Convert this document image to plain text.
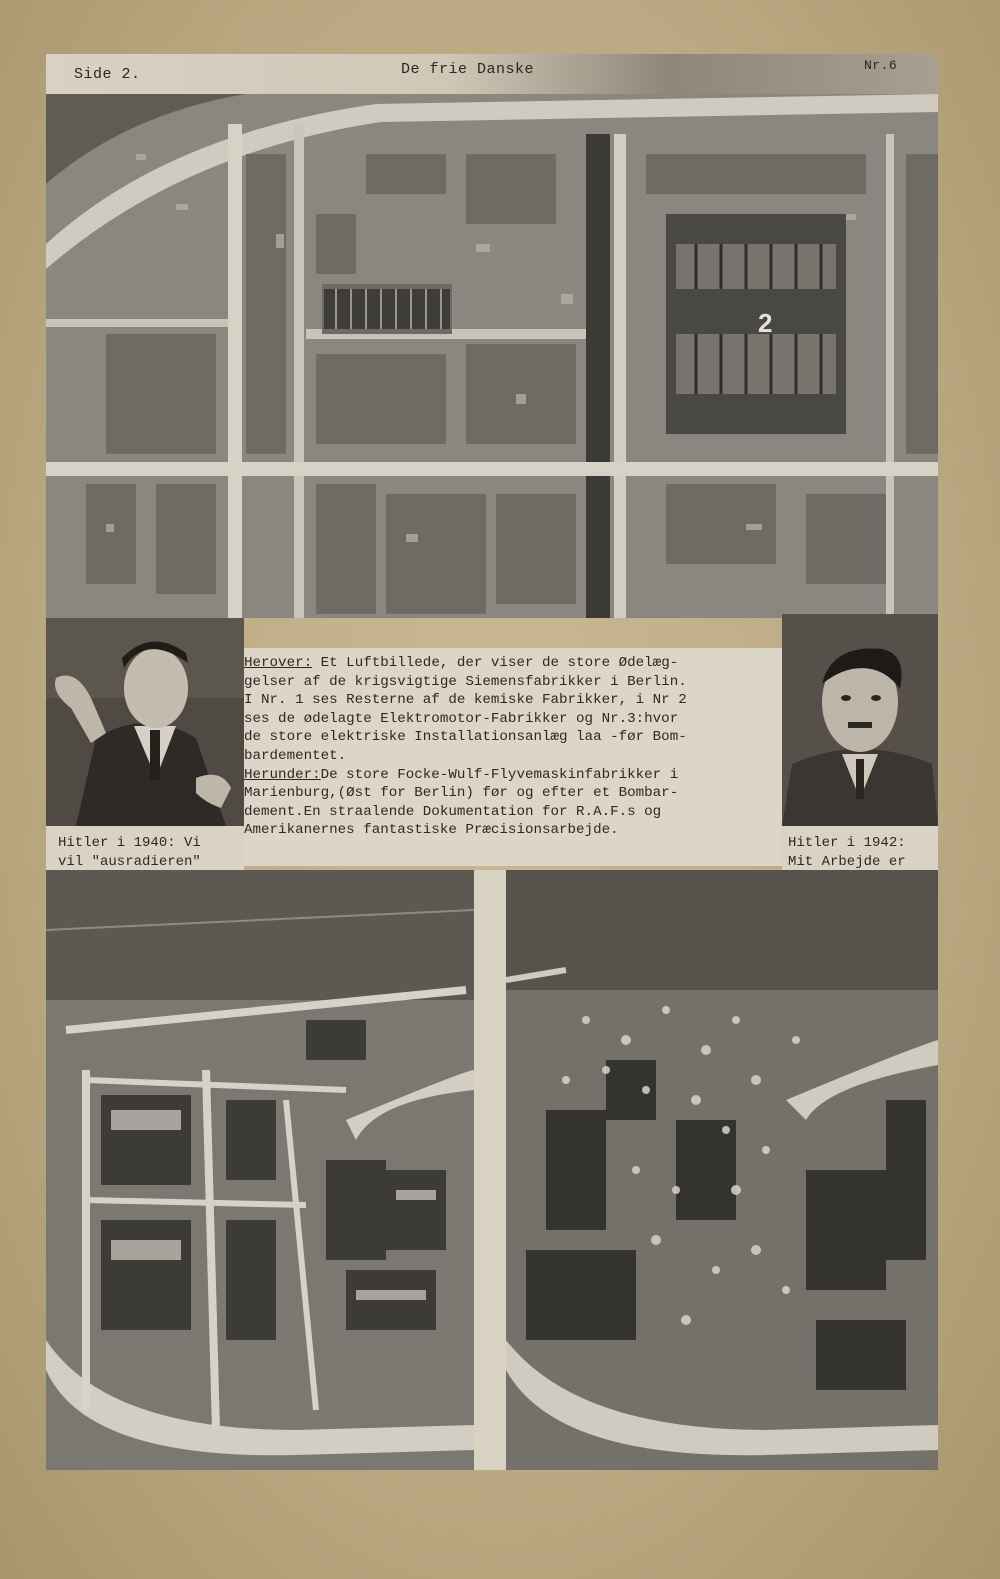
Side 2.	De frie Danske	Nr.6
2

Herover: Et Luftbillede, der viser de store Ødelæg-
gelser af de krigsvigtige Siemensfabrikker i Berlin.
I Nr. 1 ses Resterne af de kemiske Fabrikker, i Nr 2
ses de ødelagte Elektromotor-Fabrikker og Nr.3:hvor
de store elektriske Installationsanlæg laa -før Bom-
bardementet.
Herunder:De store Focke-Wulf-Flyvemaskinfabrikker i
Marienburg,(Øst for Berlin) før og efter et Bombar-
dement.En straalende Dokumentation for R.A.F.s og
Amerikanernes fantastiske Præcisionsarbejde.

Hitler i 1940: Vi
vil "ausradieren"

Hitler i 1942:
Mit Arbejde er
